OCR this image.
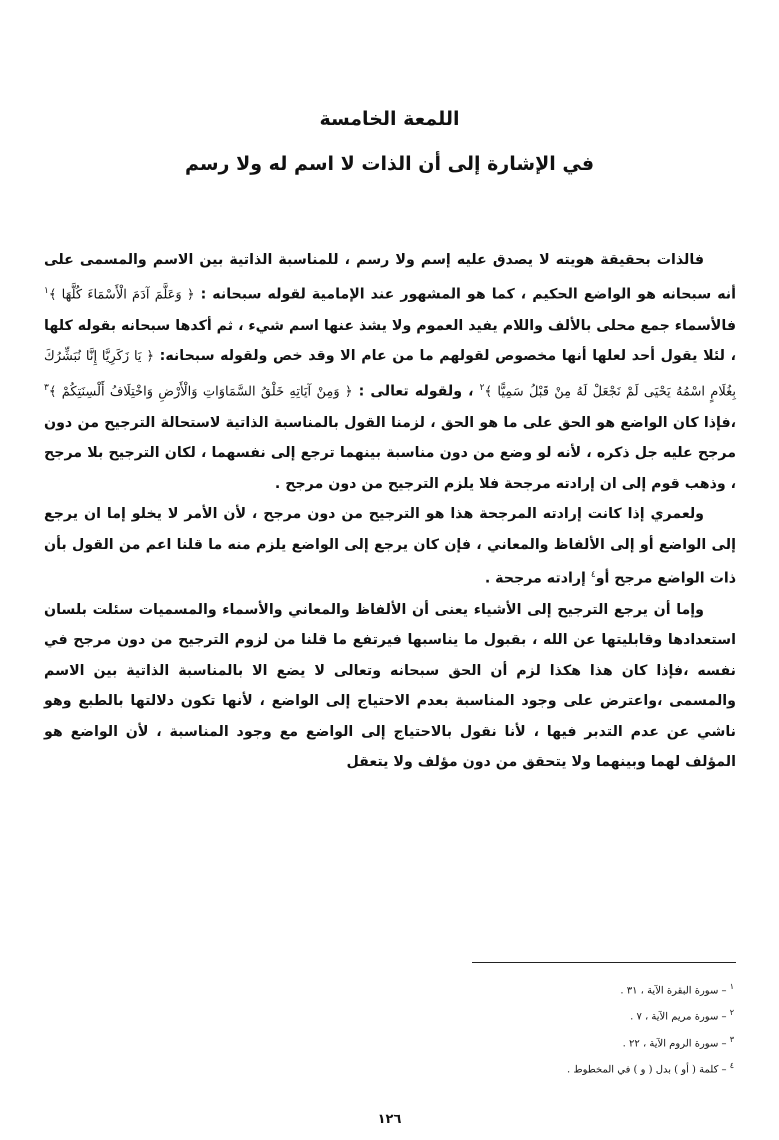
اللمعة الخامسة
في الإشارة إلى أن الذات لا اسم له ولا رسم

فالذات بحقيقة هويته لا يصدق عليه إسم ولا رسم ، للمناسبة الذاتية بين الاسم والمسمى على أنه سبحانه هو الواضع الحكيم ، كما هو المشهور عند الإمامية لقوله سبحانه : ﴿ وَعَلَّمَ آدَمَ الْأَسْمَاءَ كُلَّهَا ﴾$^١$ فالأسماء جمع محلى بالألف واللام يفيد العموم ولا يشذ عنها اسم شيء ، ثم أكدها سبحانه بقوله كلها ، لئلا يقول أحد لعلها أنها مخصوص لقولهم ما من عام الا وقد خص ولقوله سبحانه: ﴿ يَا زَكَرِيَّا إِنَّا نُبَشِّرُكَ بِغُلَامٍ اسْمُهُ يَحْيَى لَمْ نَجْعَلْ لَهُ مِنْ قَبْلُ سَمِيًّا ﴾$^٢$ ، ولقوله تعالى : ﴿ وَمِنْ آيَاتِهِ خَلْقُ السَّمَاوَاتِ وَالْأَرْضِ وَاخْتِلَافُ أَلْسِنَتِكُمْ ﴾$^٣$ ،فإذا كان الواضع هو الحق على ما هو الحق ، لزمنا القول بالمناسبة الذاتية لاستحالة الترجيح من دون مرجح عليه جل ذكره ، لأنه لو وضع من دون مناسبة بينهما ترجع إلى نفسهما ، لكان الترجيح بلا مرجح ، وذهب قوم إلى ان إرادته مرجحة فلا يلزم الترجيح من دون مرجح .

ولعمري إذا كانت إرادته المرجحة هذا هو الترجيح من دون مرجح ، لأن الأمر لا يخلو إما ان يرجع إلى الواضع أو إلى الألفاظ والمعاني ، فإن كان يرجع إلى الواضع يلزم منه ما قلنا اعم من القول بأن ذات الواضع مرجح أو$^٤$ إرادته مرجحة .

وإما أن يرجع الترجيح إلى الأشياء يعنى أن الألفاظ والمعاني والأسماء والمسميات سئلت بلسان استعدادها وقابليتها عن الله ، بقبول ما يناسبها فيرتفع ما قلنا من لزوم الترجيح من دون مرجح في نفسه ،فإذا كان هذا هكذا لزم أن الحق سبحانه وتعالى لا يضع الا بالمناسبة الذاتية بين الاسم والمسمى ،واعترض على وجود المناسبة بعدم الاحتياج إلى الواضع ، لأنها تكون دلالتها بالطبع وهو ناشي عن عدم التدبر فيها ، لأنا نقول بالاحتياج إلى الواضع مع وجود المناسبة ، لأن الواضع هو المؤلف لهما وبينهما ولا يتحقق من دون مؤلف ولا يتعقل

$^١$ – سورة البقرة الآية ، ٣١ .
$^٢$ – سورة مريم الآية ، ٧ .
$^٣$ – سورة الروم الآية ، ٢٢ .
$^٤$ – كلمة ( أو ) بدل ( و ) في المخطوط .
١٢٦
